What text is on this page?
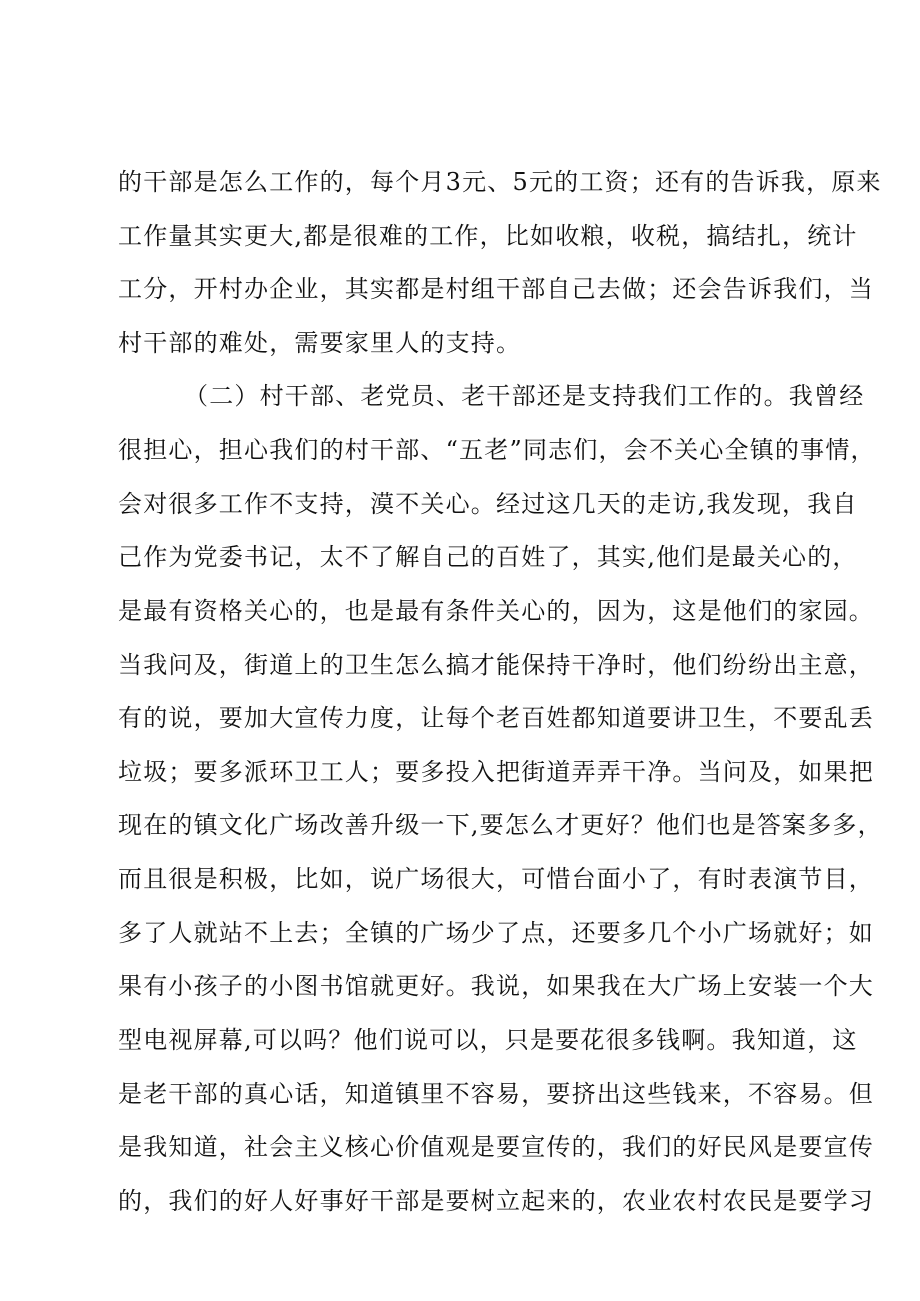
的干部是怎么工作的，每个月3元、5元的工资；还有的告诉我，原来
工作量其实更大,都是很难的工作，比如收粮，收税，搞结扎，统计
工分，开村办企业，其实都是村组干部自己去做；还会告诉我们，当
村干部的难处，需要家里人的支持。
（二）村干部、老党员、老干部还是支持我们工作的。我曾经
很担心，担心我们的村干部、“五老”同志们，会不关心全镇的事情，
会对很多工作不支持，漠不关心。经过这几天的走访,我发现，我自
己作为党委书记，太不了解自己的百姓了，其实,他们是最关心的，
是最有资格关心的，也是最有条件关心的，因为，这是他们的家园。
当我问及，街道上的卫生怎么搞才能保持干净时，他们纷纷出主意，
有的说，要加大宣传力度，让每个老百姓都知道要讲卫生，不要乱丢
垃圾；要多派环卫工人；要多投入把街道弄弄干净。当问及，如果把
现在的镇文化广场改善升级一下,要怎么才更好？他们也是答案多多，
而且很是积极，比如，说广场很大，可惜台面小了，有时表演节目，
多了人就站不上去；全镇的广场少了点，还要多几个小广场就好；如
果有小孩子的小图书馆就更好。我说，如果我在大广场上安装一个大
型电视屏幕,可以吗？他们说可以，只是要花很多钱啊。我知道，这
是老干部的真心话，知道镇里不容易，要挤出这些钱来，不容易。但
是我知道，社会主义核心价值观是要宣传的，我们的好民风是要宣传
的，我们的好人好事好干部是要树立起来的，农业农村农民是要学习
